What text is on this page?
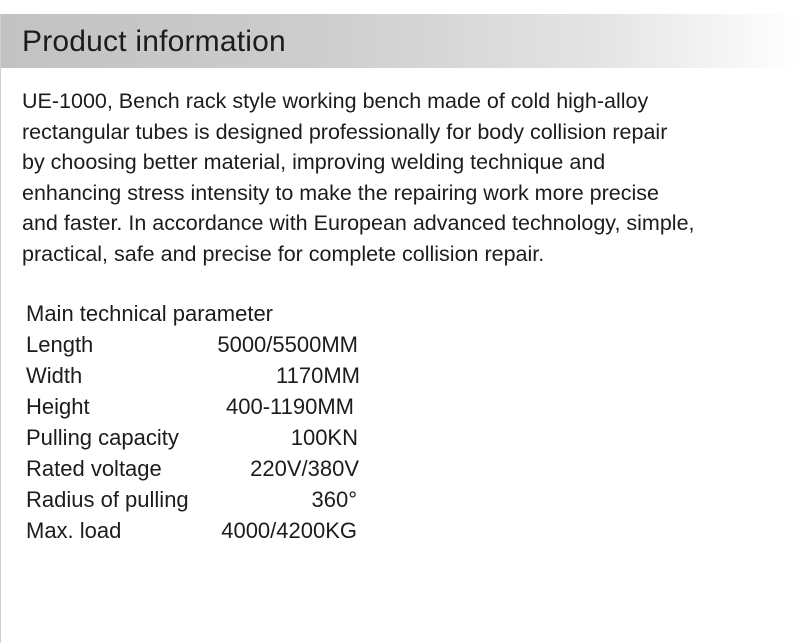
Product information
UE-1000, Bench rack style working bench made of cold high-alloy
rectangular tubes is designed professionally for body collision repair
by choosing better material, improving welding technique and
enhancing stress intensity to make the repairing work more precise
and faster. In accordance with European advanced technology, simple,
practical, safe and precise for complete collision repair.
Main technical parameter
Length	5000/5500MM
Width	1170MM
Height	400-1190MM
Pulling capacity	100KN
Rated voltage	220V/380V
Radius of pulling	360°
Max. load	4000/4200KG
